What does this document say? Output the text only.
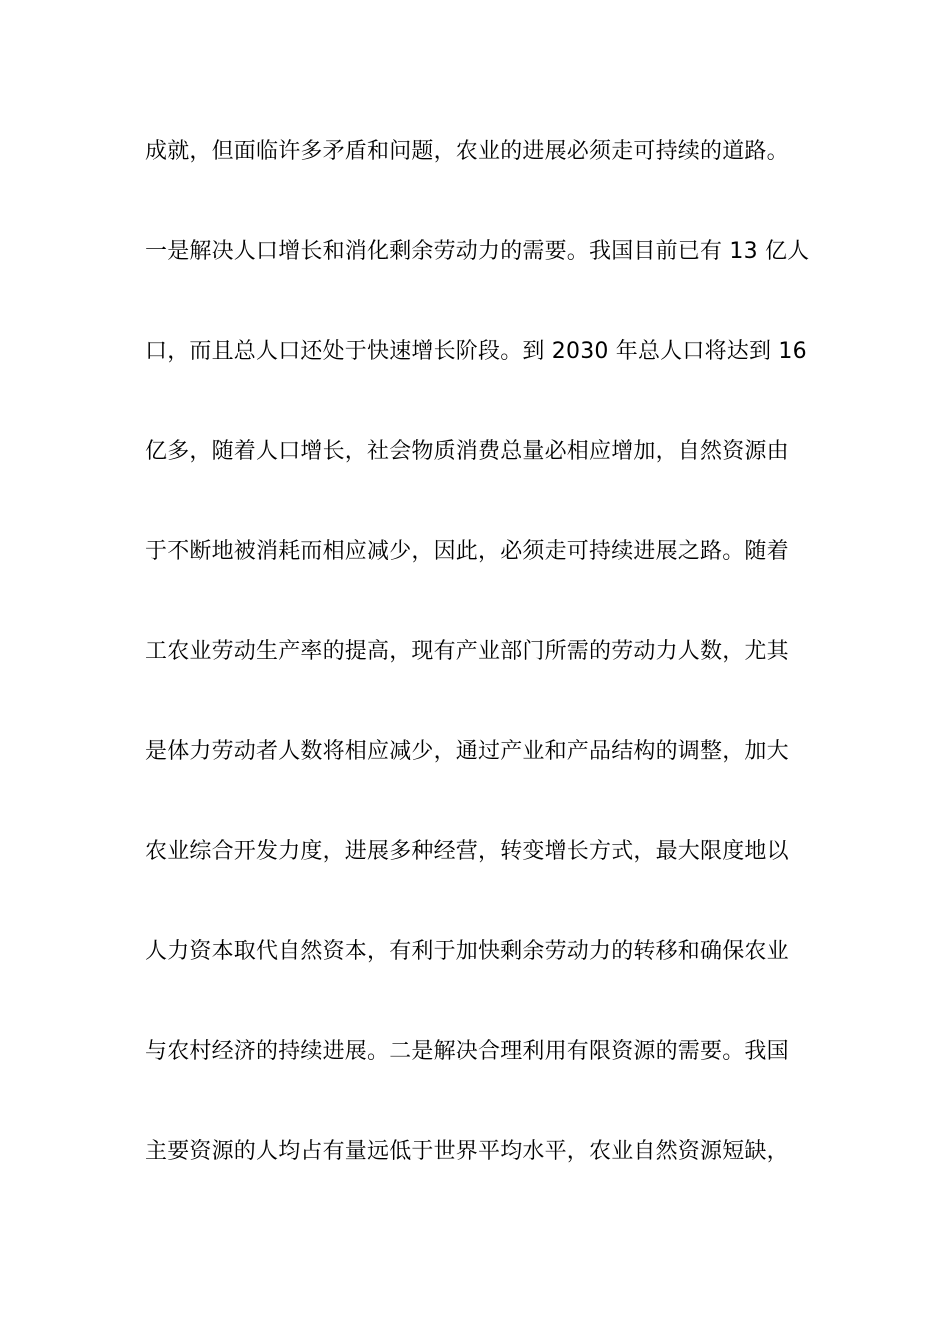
成就，但面临许多矛盾和问题，农业的进展必须走可持续的道路。
一是解决人口增长和消化剩余劳动力的需要。我国目前已有 13 亿人
口，而且总人口还处于快速增长阶段。到 2030 年总人口将达到 16
亿多，随着人口增长，社会物质消费总量必相应增加，自然资源由
于不断地被消耗而相应减少，因此，必须走可持续进展之路。随着
工农业劳动生产率的提高，现有产业部门所需的劳动力人数，尤其
是体力劳动者人数将相应减少，通过产业和产品结构的调整，加大
农业综合开发力度，进展多种经营，转变增长方式，最大限度地以
人力资本取代自然资本，有利于加快剩余劳动力的转移和确保农业
与农村经济的持续进展。二是解决合理利用有限资源的需要。我国
主要资源的人均占有量远低于世界平均水平，农业自然资源短缺，
